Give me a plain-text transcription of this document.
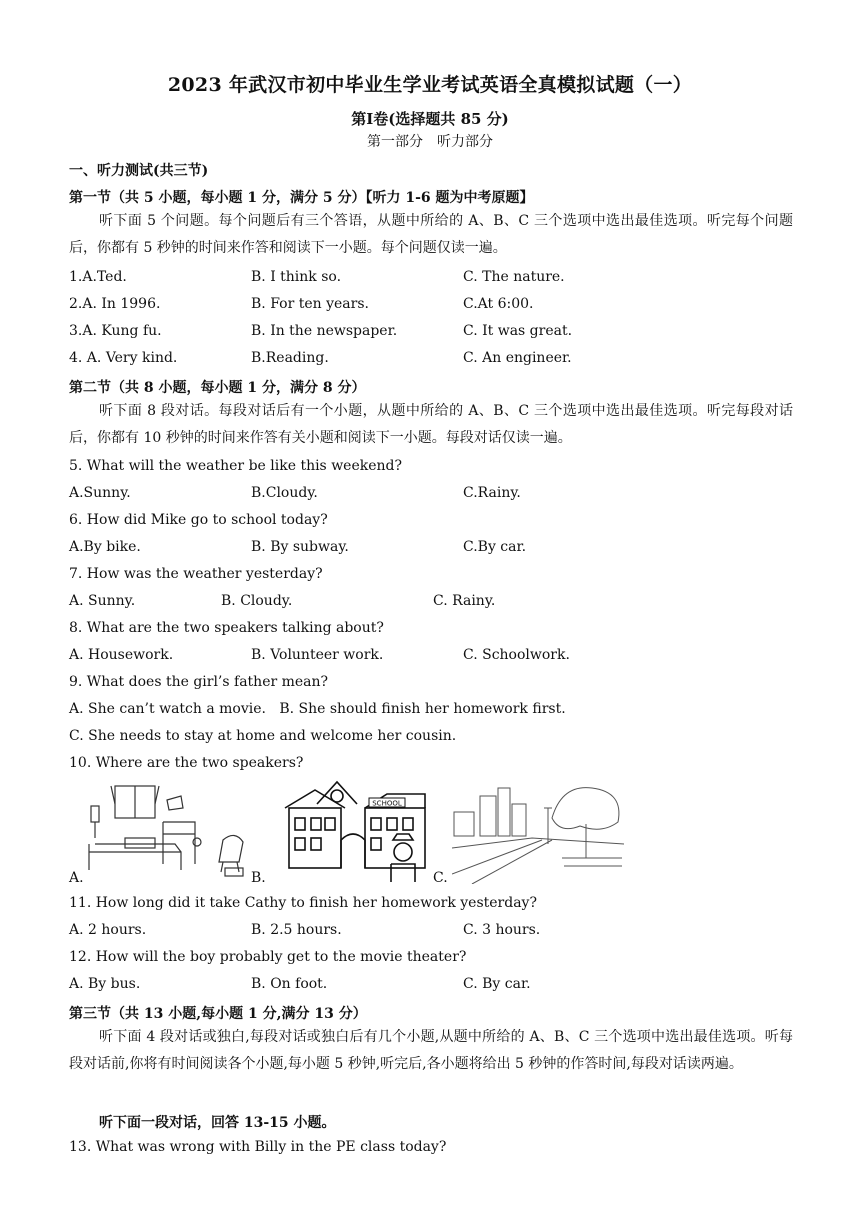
2023 年武汉市初中毕业生学业考试英语全真模拟试题（一）
第Ⅰ卷(选择题共 85 分)
第一部分　听力部分
一、听力测试(共三节)
第一节（共 5 小题，每小题 1 分，满分 5 分）【听力 1-6 题为中考原题】
听下面 5 个问题。每个问题后有三个答语，从题中所给的 A、B、C 三个选项中选出最佳选项。听完每个问题后，你都有 5 秒钟的时间来作答和阅读下一小题。每个问题仅读一遍。
1.A.Ted.	B. I think so.	C. The nature.
2.A. In 1996.	B. For ten years.	C.At 6:00.
3.A. Kung fu.	B. In the newspaper.	C. It was great.
4. A. Very kind.	B.Reading.	C. An engineer.
第二节（共 8 小题，每小题 1 分，满分 8 分）
听下面 8 段对话。每段对话后有一个小题，从题中所给的 A、B、C 三个选项中选出最佳选项。听完每段对话后，你都有 10 秒钟的时间来作答有关小题和阅读下一小题。每段对话仅读一遍。
5. What will the weather be like this weekend?
A.Sunny.	B.Cloudy.	C.Rainy.
6. How did Mike go to school today?
A.By bike.	B. By subway.	C.By car.
7. How was the weather yesterday?
A. Sunny.	B. Cloudy.	C. Rainy.
8. What are the two speakers talking about?
A. Housework.	B. Volunteer work.	C. Schoolwork.
9. What does the girl’s father mean?
A. She can’t watch a movie.   B. She should finish her homework first.
C. She needs to stay at home and welcome her cousin.
10. Where are the two speakers?
A.	B.
SCHOOL
C.
11. How long did it take Cathy to finish her homework yesterday?
A. 2 hours.	B. 2.5 hours.	C. 3 hours.
12. How will the boy probably get to the movie theater?
A. By bus.	B. On foot.	C. By car.
第三节（共 13 小题,每小题 1 分,满分 13 分）
听下面 4 段对话或独白,每段对话或独白后有几个小题,从题中所给的 A、B、C 三个选项中选出最佳选项。听每段对话前,你将有时间阅读各个小题,每小题 5 秒钟,听完后,各小题将给出 5 秒钟的作答时间,每段对话读两遍。
听下面一段对话，回答 13-15 小题。
13. What was wrong with Billy in the PE class today?
